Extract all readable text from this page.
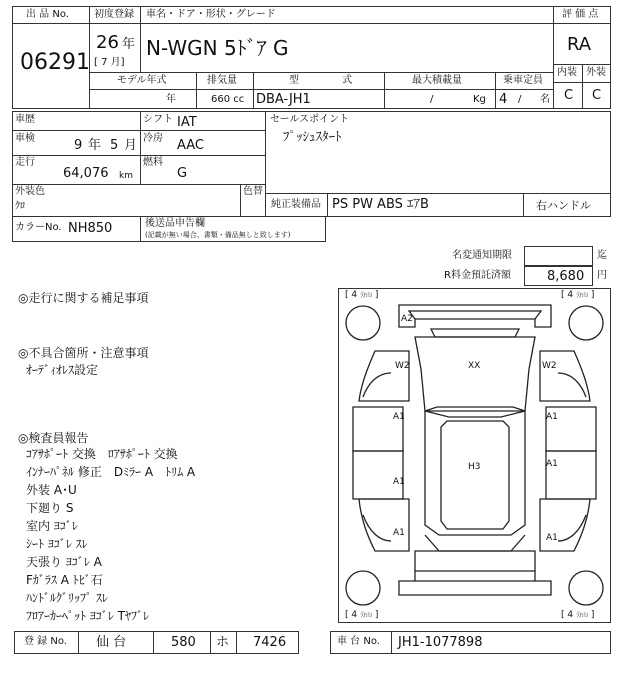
出 品 No.
06291
初度登録 車名・ドア・形状・グレード
26 年
[ 7 月]
N-WGN 5ﾄﾞｱ G
評 価 点
RA
内装 外装
C C
モデル年式	排気量	型 式	最大積載量	乗車定員
年	660 cc DBA-JH1	/	Kg 4 / 名
車歴	シフト IAT
車検	9 年 5 月 冷房 AAC
走行
64,076 km
燃料
G
セールスポイント
ﾌﾟｯｼｭｽﾀｰﾄ
外装色
ｸﾛ
色替
純正装備品 PS PW ABS ｴｱB	右ハンドル
カラーNo. NH850	後送品申告欄
(記載が無い場合、書類・備品無しと致します)
名変通知期限	迄
R料金預託済額	8,680 円
◎走行に関する補足事項
◎不具合箇所・注意事項
ｵｰﾃﾞｨｵﾚｽ設定
◎検査員報告
ｺｱｻﾎﾟｰﾄ 交換　ﾛｱｻﾎﾟｰﾄ 交換
ｲﾝﾅｰﾊﾟﾈﾙ 修正　Dﾐﾗｰ A　ﾄﾘﾑ A
外装 A･U
下廻り S
室内 ﾖｺﾞﾚ
ｼｰﾄ ﾖｺﾞﾚ ｽﾚ
天張り ﾖｺﾞﾚ A
Fｶﾞﾗｽ A ﾄﾋﾞ石
ﾊﾝﾄﾞﾙｸﾞﾘｯﾌﾟ ｽﾚ
ﾌﾛｱｰｶｰﾍﾟｯﾄ ﾖｺﾞﾚ Tﾔﾌﾞﾚ
[ 4 分山 ]	[ 4 分山 ]
[ 4 分山 ]	[ 4 分山 ]
A2
W2	XX	W2
A1	A1
H3	A1
A1
A1	A1
登 録 No. 仙 台	580 ホ 7426	車 台 No. JH1-1077898
